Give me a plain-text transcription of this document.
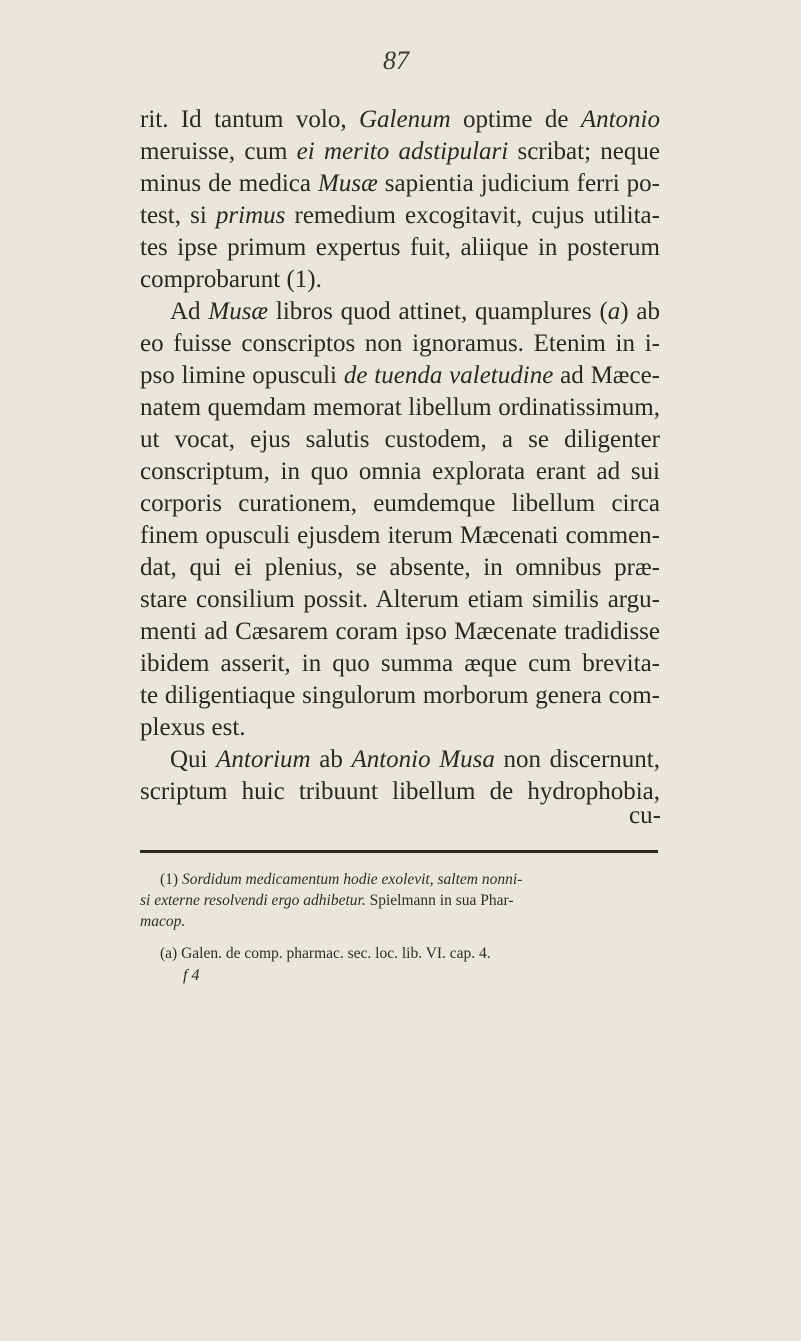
87
rit. Id tantum volo, Galenum optime de Antonio
meruisse, cum ei merito adstipulari scribat; neque
minus de medica Musæ sapientia judicium ferri po-
test, si primus remedium excogitavit, cujus utilita-
tes ipse primum expertus fuit, aliique in posterum
comprobarunt (1).
Ad Musæ libros quod attinet, quamplures (a) ab
eo fuisse conscriptos non ignoramus. Etenim in i-
pso limine opusculi de tuenda valetudine ad Mæce-
natem quemdam memorat libellum ordinatissimum,
ut vocat, ejus salutis custodem, a se diligenter
conscriptum, in quo omnia explorata erant ad sui
corporis curationem, eumdemque libellum circa
finem opusculi ejusdem iterum Mæcenati commen-
dat, qui ei plenius, se absente, in omnibus præ-
stare consilium possit. Alterum etiam similis argu-
menti ad Cæsarem coram ipso Mæcenate tradidisse
ibidem asserit, in quo summa æque cum brevita-
te diligentiaque singulorum morborum genera com-
plexus est.
Qui Antorium ab Antonio Musa non discernunt,
scriptum huic tribuunt libellum de hydrophobia,
cu-
(1) Sordidum medicamentum hodie exolevit, saltem nonni-
si externe resolvendi ergo adhibetur. Spielmann in sua Phar-
macop.
(a) Galen. de comp. pharmac. sec. loc. lib. VI. cap. 4.
f 4
